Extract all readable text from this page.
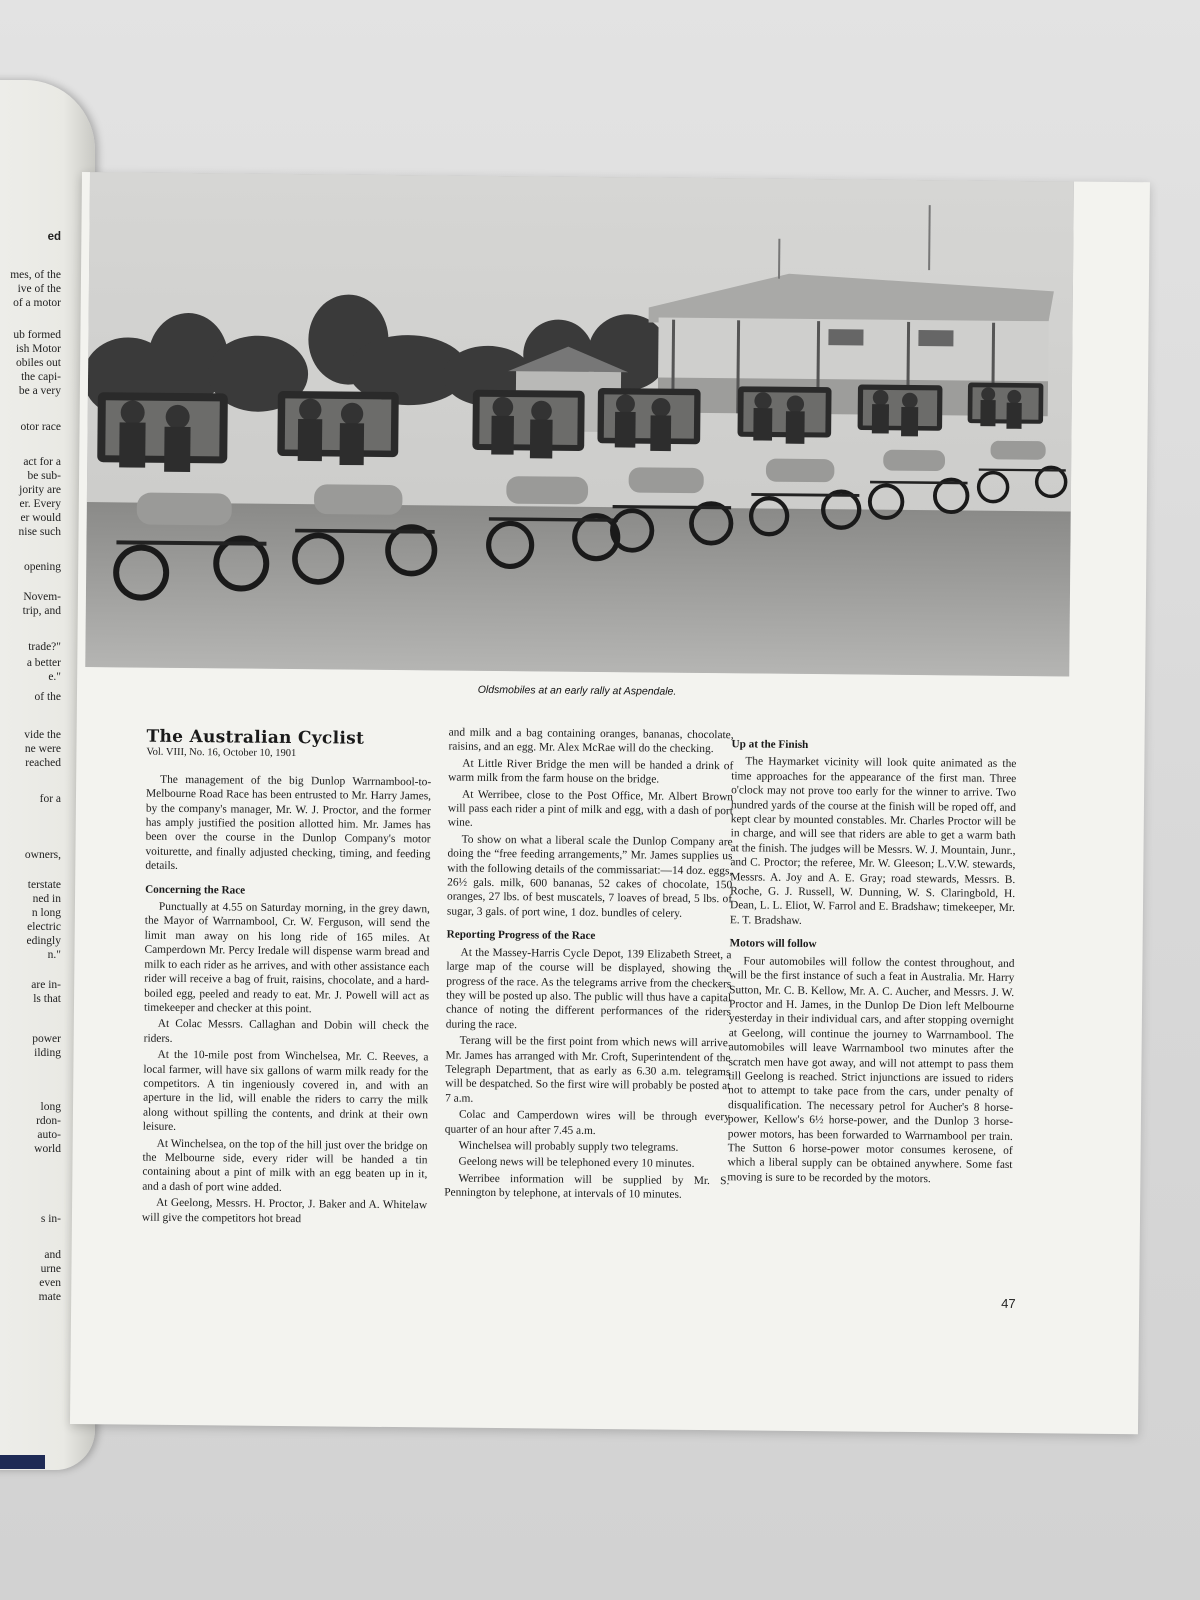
ed
mes, of the
ive of the
of a motor
ub formed
ish Motor
obiles out
the capi-
be a very
otor race
act for a
be sub-
jority are
er. Every
er would
nise such
opening
Novem-
trip, and
trade?"
a better
e."
of the
vide the
ne were
reached
for a
owners,
terstate
ned in
n long
electric
edingly
n."
are in-
ls that
power
ilding
long
rdon-
auto-
world
s in-
and
urne
even
mate
Oldsmobiles at an early rally at Aspendale.
The Australian Cyclist
Vol. VIII, No. 16, October 10, 1901

The management of the big Dunlop Warrnambool-to-Melbourne Road Race has been entrusted to Mr. Harry James, by the company's manager, Mr. W. J. Proctor, and the former has amply justified the position allotted him. Mr. James has been over the course in the Dunlop Company's motor voiturette, and finally adjusted checking, timing, and feeding details.

Concerning the Race

Punctually at 4.55 on Saturday morning, in the grey dawn, the Mayor of Warrnambool, Cr. W. Ferguson, will send the limit man away on his long ride of 165 miles. At Camperdown Mr. Percy Iredale will dispense warm bread and milk to each rider as he arrives, and with other assistance each rider will receive a bag of fruit, raisins, chocolate, and a hard-boiled egg, peeled and ready to eat. Mr. J. Powell will act as timekeeper and checker at this point.

At Colac Messrs. Callaghan and Dobin will check the riders.

At the 10-mile post from Winchelsea, Mr. C. Reeves, a local farmer, will have six gallons of warm milk ready for the competitors. A tin ingeniously covered in, and with an aperture in the lid, will enable the riders to carry the milk along without spilling the contents, and drink at their own leisure.

At Winchelsea, on the top of the hill just over the bridge on the Melbourne side, every rider will be handed a tin containing about a pint of milk with an egg beaten up in it, and a dash of port wine added.

At Geelong, Messrs. H. Proctor, J. Baker and A. Whitelaw will give the competitors hot bread

and milk and a bag containing oranges, bananas, chocolate, raisins, and an egg. Mr. Alex McRae will do the checking.

At Little River Bridge the men will be handed a drink of warm milk from the farm house on the bridge.

At Werribee, close to the Post Office, Mr. Albert Brown will pass each rider a pint of milk and egg, with a dash of port wine.

To show on what a liberal scale the Dunlop Company are doing the “free feeding arrangements,” Mr. James supplies us with the following details of the commissariat:—14 doz. eggs, 26½ gals. milk, 600 bananas, 52 cakes of chocolate, 150 oranges, 27 lbs. of best muscatels, 7 loaves of bread, 5 lbs. of sugar, 3 gals. of port wine, 1 doz. bundles of celery.

Reporting Progress of the Race

At the Massey-Harris Cycle Depot, 139 Elizabeth Street, a large map of the course will be displayed, showing the progress of the race. As the telegrams arrive from the checkers they will be posted up also. The public will thus have a capital chance of noting the different performances of the riders during the race.

Terang will be the first point from which news will arrive. Mr. James has arranged with Mr. Croft, Superintendent of the Telegraph Department, that as early as 6.30 a.m. telegrams will be despatched. So the first wire will probably be posted at 7 a.m.

Colac and Camperdown wires will be through every quarter of an hour after 7.45 a.m.

Winchelsea will probably supply two telegrams.

Geelong news will be telephoned every 10 minutes.

Werribee information will be supplied by Mr. S. Pennington by telephone, at intervals of 10 minutes.

Up at the Finish

The Haymarket vicinity will look quite animated as the time approaches for the appearance of the first man. Three o'clock may not prove too early for the winner to arrive. Two hundred yards of the course at the finish will be roped off, and kept clear by mounted constables. Mr. Charles Proctor will be in charge, and will see that riders are able to get a warm bath at the finish. The judges will be Messrs. W. J. Mountain, Junr., and C. Proctor; the referee, Mr. W. Gleeson; L.V.W. stewards, Messrs. A. Joy and A. E. Gray; road stewards, Messrs. B. Roche, G. J. Russell, W. Dunning, W. S. Claringbold, H. Dean, L. L. Eliot, W. Farrol and E. Bradshaw; timekeeper, Mr. E. T. Bradshaw.

Motors will follow

Four automobiles will follow the contest throughout, and will be the first instance of such a feat in Australia. Mr. Harry Sutton, Mr. C. B. Kellow, Mr. A. C. Aucher, and Messrs. J. W. Proctor and H. James, in the Dunlop De Dion left Melbourne yesterday in their individual cars, and after stopping overnight at Geelong, will continue the journey to Warrnambool. The automobiles will leave Warrnambool two minutes after the scratch men have got away, and will not attempt to pass them till Geelong is reached. Strict injunctions are issued to riders not to attempt to take pace from the cars, under penalty of disqualification. The necessary petrol for Aucher's 8 horse-power, Kellow's 6½ horse-power, and the Dunlop 3 horse-power motors, has been forwarded to Warrnambool per train. The Sutton 6 horse-power motor consumes kerosene, of which a liberal supply can be obtained anywhere. Some fast moving is sure to be recorded by the motors.

47
